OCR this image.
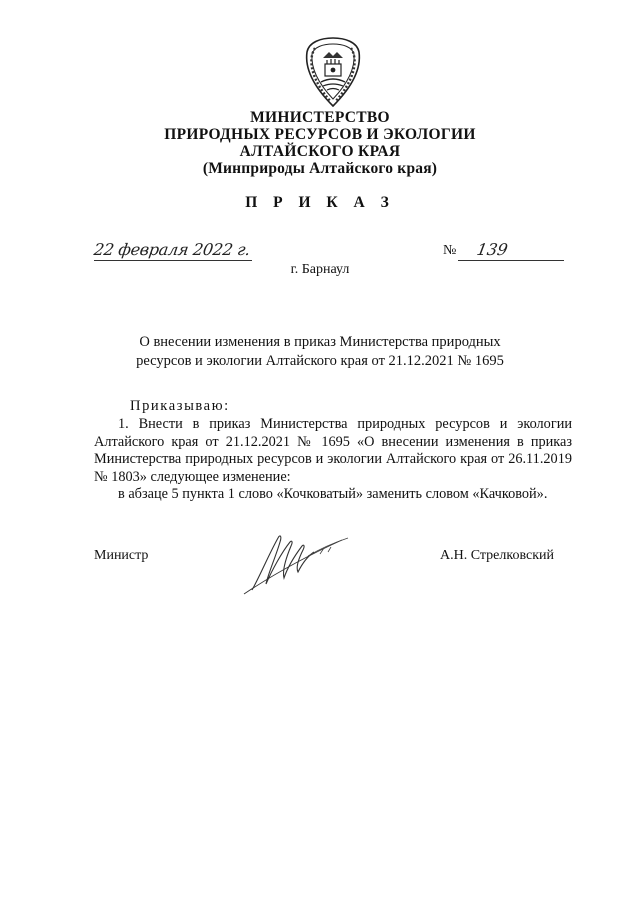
МИНИСТЕРСТВО
ПРИРОДНЫХ РЕСУРСОВ И ЭКОЛОГИИ
АЛТАЙСКОГО КРАЯ
(Минприроды Алтайского края)
П Р И К А З
22 февраля 2022 г.	№ 139
г. Барнаул
О внесении изменения в приказ Министерства природных
ресурсов и экологии Алтайского края от 21.12.2021 № 1695
Приказываю:

1. Внести в приказ Министерства природных ресурсов и экологии Алтайского края от 21.12.2021 № 1695 «О внесении изменения в приказ Министерства природных ресурсов и экологии Алтайского края от 26.11.2019 № 1803» следующее изменение:

в абзаце 5 пункта 1 слово «Кочковатый» заменить словом «Качковой».

Министр	А.Н. Стрелковский
